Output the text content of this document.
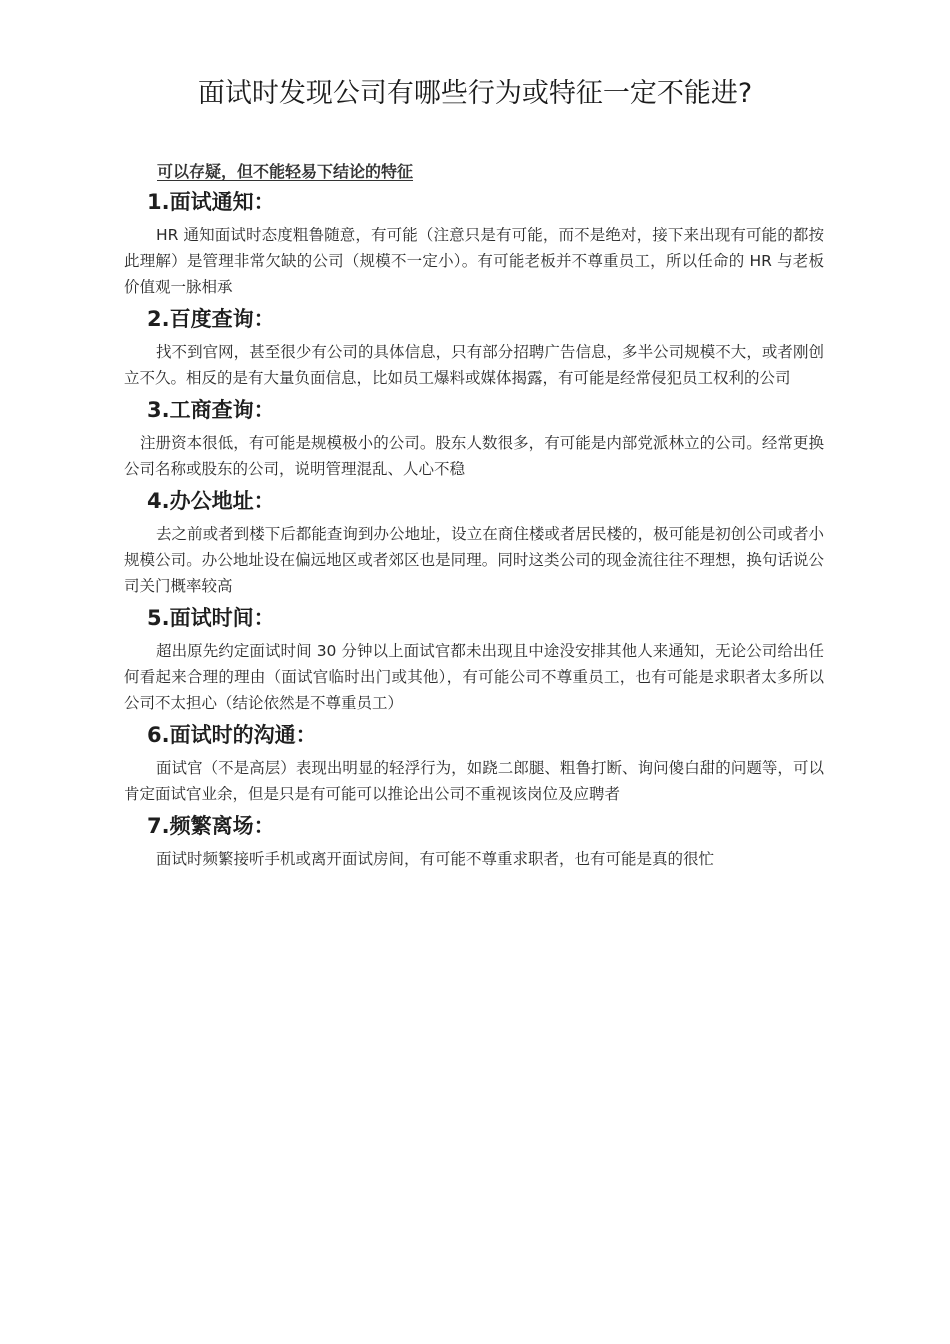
面试时发现公司有哪些行为或特征一定不能进?

可以存疑，但不能轻易下结论的特征

1.面试通知：

HR 通知面试时态度粗鲁随意，有可能（注意只是有可能，而不是绝对，接下来出现有可能的都按此理解）是管理非常欠缺的公司（规模不一定小）。有可能老板并不尊重员工，所以任命的 HR 与老板价值观一脉相承

2.百度查询：

找不到官网，甚至很少有公司的具体信息，只有部分招聘广告信息，多半公司规模不大，或者刚创立不久。相反的是有大量负面信息，比如员工爆料或媒体揭露，有可能是经常侵犯员工权利的公司

3.工商查询：

注册资本很低，有可能是规模极小的公司。股东人数很多，有可能是内部党派林立的公司。经常更换公司名称或股东的公司，说明管理混乱、人心不稳

4.办公地址：

去之前或者到楼下后都能查询到办公地址，设立在商住楼或者居民楼的，极可能是初创公司或者小规模公司。办公地址设在偏远地区或者郊区也是同理。同时这类公司的现金流往往不理想，换句话说公司关门概率较高

5.面试时间：

超出原先约定面试时间 30 分钟以上面试官都未出现且中途没安排其他人来通知，无论公司给出任何看起来合理的理由（面试官临时出门或其他），有可能公司不尊重员工，也有可能是求职者太多所以公司不太担心（结论依然是不尊重员工）

6.面试时的沟通：

面试官（不是高层）表现出明显的轻浮行为，如跷二郎腿、粗鲁打断、询问傻白甜的问题等，可以肯定面试官业余，但是只是有可能可以推论出公司不重视该岗位及应聘者

7.频繁离场：

面试时频繁接听手机或离开面试房间，有可能不尊重求职者，也有可能是真的很忙
